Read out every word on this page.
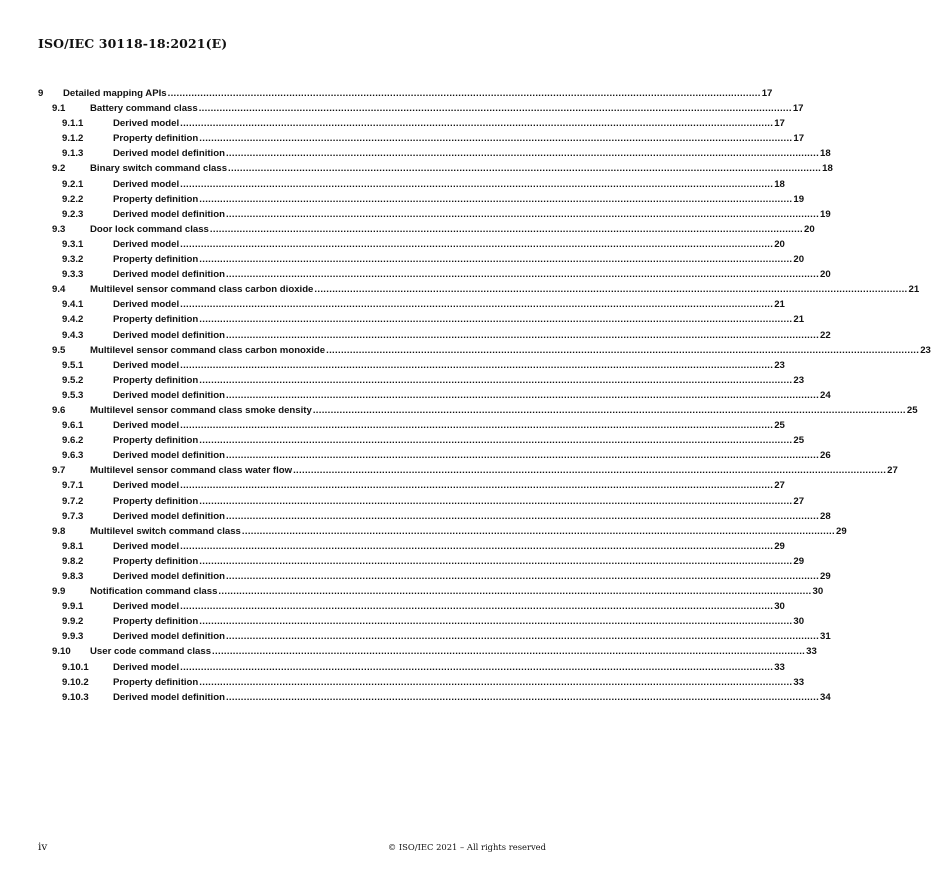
ISO/IEC 30118-18:2021(E)
9	Detailed mapping APIs ........................................................................................................................................................................................................ 17
9.1	Battery command class ........................................................................................................................................................................................................ 17
9.1.1	Derived model ........................................................................................................................................................................................................ 17
9.1.2	Property definition ........................................................................................................................................................................................................ 17
9.1.3	Derived model definition ........................................................................................................................................................................................................ 18
9.2	Binary switch command class ........................................................................................................................................................................................................ 18
9.2.1	Derived model ........................................................................................................................................................................................................ 18
9.2.2	Property definition ........................................................................................................................................................................................................ 19
9.2.3	Derived model definition ........................................................................................................................................................................................................ 19
9.3	Door lock command class ........................................................................................................................................................................................................ 20
9.3.1	Derived model ........................................................................................................................................................................................................ 20
9.3.2	Property definition ........................................................................................................................................................................................................ 20
9.3.3	Derived model definition ........................................................................................................................................................................................................ 20
9.4	Multilevel sensor command class carbon dioxide ........................................................................................................................................................................................................ 21
9.4.1	Derived model ........................................................................................................................................................................................................ 21
9.4.2	Property definition ........................................................................................................................................................................................................ 21
9.4.3	Derived model definition ........................................................................................................................................................................................................ 22
9.5	Multilevel sensor command class carbon monoxide ........................................................................................................................................................................................................ 23
9.5.1	Derived model ........................................................................................................................................................................................................ 23
9.5.2	Property definition ........................................................................................................................................................................................................ 23
9.5.3	Derived model definition ........................................................................................................................................................................................................ 24
9.6	Multilevel sensor command class smoke density ........................................................................................................................................................................................................ 25
9.6.1	Derived model ........................................................................................................................................................................................................ 25
9.6.2	Property definition ........................................................................................................................................................................................................ 25
9.6.3	Derived model definition ........................................................................................................................................................................................................ 26
9.7	Multilevel sensor command class water flow ........................................................................................................................................................................................................ 27
9.7.1	Derived model ........................................................................................................................................................................................................ 27
9.7.2	Property definition ........................................................................................................................................................................................................ 27
9.7.3	Derived model definition ........................................................................................................................................................................................................ 28
9.8	Multilevel switch command class ........................................................................................................................................................................................................ 29
9.8.1	Derived model ........................................................................................................................................................................................................ 29
9.8.2	Property definition ........................................................................................................................................................................................................ 29
9.8.3	Derived model definition ........................................................................................................................................................................................................ 29
9.9	Notification command class ........................................................................................................................................................................................................ 30
9.9.1	Derived model ........................................................................................................................................................................................................ 30
9.9.2	Property definition ........................................................................................................................................................................................................ 30
9.9.3	Derived model definition ........................................................................................................................................................................................................ 31
9.10	User code command class ........................................................................................................................................................................................................ 33
9.10.1	Derived model ........................................................................................................................................................................................................ 33
9.10.2	Property definition ........................................................................................................................................................................................................ 33
9.10.3	Derived model definition ........................................................................................................................................................................................................ 34
iv	© ISO/IEC 2021 – All rights reserved
